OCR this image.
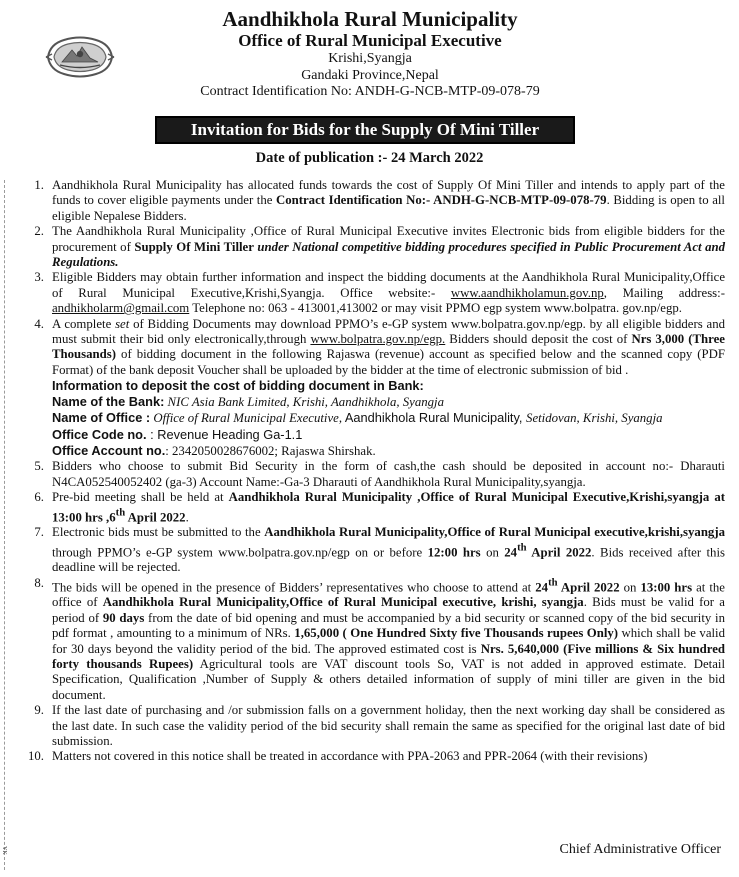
Aandhikhola Rural Municipality
Office of Rural Municipal Executive
Krishi,Syangja
Gandaki Province,Nepal
Contract Identification No: ANDH-G-NCB-MTP-09-078-79
Invitation for Bids for the Supply Of Mini Tiller
Date of publication :- 24 March 2022
1. Aandhikhola Rural Municipality has allocated funds towards the cost of Supply Of Mini Tiller and intends to apply part of the funds to cover eligible payments under the Contract Identification No:- ANDH-G-NCB-MTP-09-078-79. Bidding is open to all eligible Nepalese Bidders.
2. The Aandhikhola Rural Municipality ,Office of Rural Municipal Executive invites Electronic bids from eligible bidders for the procurement of Supply Of Mini Tiller under National competitive bidding procedures specified in Public Procurement Act and Regulations.
3. Eligible Bidders may obtain further information and inspect the bidding documents at the Aandhikhola Rural Municipality,Office of Rural Municipal Executive,Krishi,Syangja. Office website:- www.aandhikholamun.gov.np, Mailing address:- andhikholarm@gmail.com Telephone no: 063 - 413001,413002 or may visit PPMO egp system www.bolpatra. gov.np/egp.
4. A complete set of Bidding Documents may download PPMO’s e-GP system www.bolpatra.gov.np/egp. by all eligible bidders and must submit their bid only electronically,through www.bolpatra.gov.np/egp. Bidders should deposit the cost of Nrs 3,000 (Three Thousands) of bidding document in the following Rajaswa (revenue) account as specified below and the scanned copy (PDF Format) of the bank deposit Voucher shall be uploaded by the bidder at the time of electronic submission of bid .
Information to deposit the cost of bidding document in Bank:
Name of the Bank: NIC Asia Bank Limited, Krishi, Aandhikhola, Syangja
Name of Office : Office of Rural Municipal Executive, Aandhikhola Rural Municipality, Setidovan, Krishi, Syangja
Office Code no. : Revenue Heading Ga-1.1
Office Account no.: 2342050028676002; Rajaswa Shirshak.
5. Bidders who choose to submit Bid Security in the form of cash,the cash should be deposited in account no:- Dharauti N4CA052540052402 (ga-3) Account Name:-Ga-3 Dharauti of Aandhikhola Rural Municipality,syangja.
6. Pre-bid meeting shall be held at Aandhikhola Rural Municipality ,Office of Rural Municipal Executive,Krishi,syangja at 13:00 hrs ,6th April 2022.
7. Electronic bids must be submitted to the Aandhikhola Rural Municipality,Office of Rural Municipal executive,krishi,syangja through PPMO’s e-GP system www.bolpatra.gov.np/egp on or before 12:00 hrs on 24th April 2022. Bids received after this deadline will be rejected.
8. The bids will be opened in the presence of Bidders’ representatives who choose to attend at 24th April 2022 on 13:00 hrs at the office of Aandhikhola Rural Municipality,Office of Rural Municipal executive, krishi, syangja. Bids must be valid for a period of 90 days from the date of bid opening and must be accompanied by a bid security or scanned copy of the bid security in pdf format , amounting to a minimum of NRs. 1,65,000 ( One Hundred Sixty five Thousands rupees Only) which shall be valid for 30 days beyond the validity period of the bid. The approved estimated cost is Nrs. 5,640,000 (Five millions & Six hundred forty thousands Rupees) Agricultural tools are VAT discount tools So, VAT is not added in approved estimate. Detail Specification, Qualification ,Number of Supply & others detailed information of supply of mini tiller are given in the bid document.
9. If the last date of purchasing and /or submission falls on a government holiday, then the next working day shall be considered as the last date. In such case the validity period of the bid security shall remain the same as specified for the original last date of bid submission.
10. Matters not covered in this notice shall be treated in accordance with PPA-2063 and PPR-2064 (with their revisions)
Chief Administrative Officer
YK
